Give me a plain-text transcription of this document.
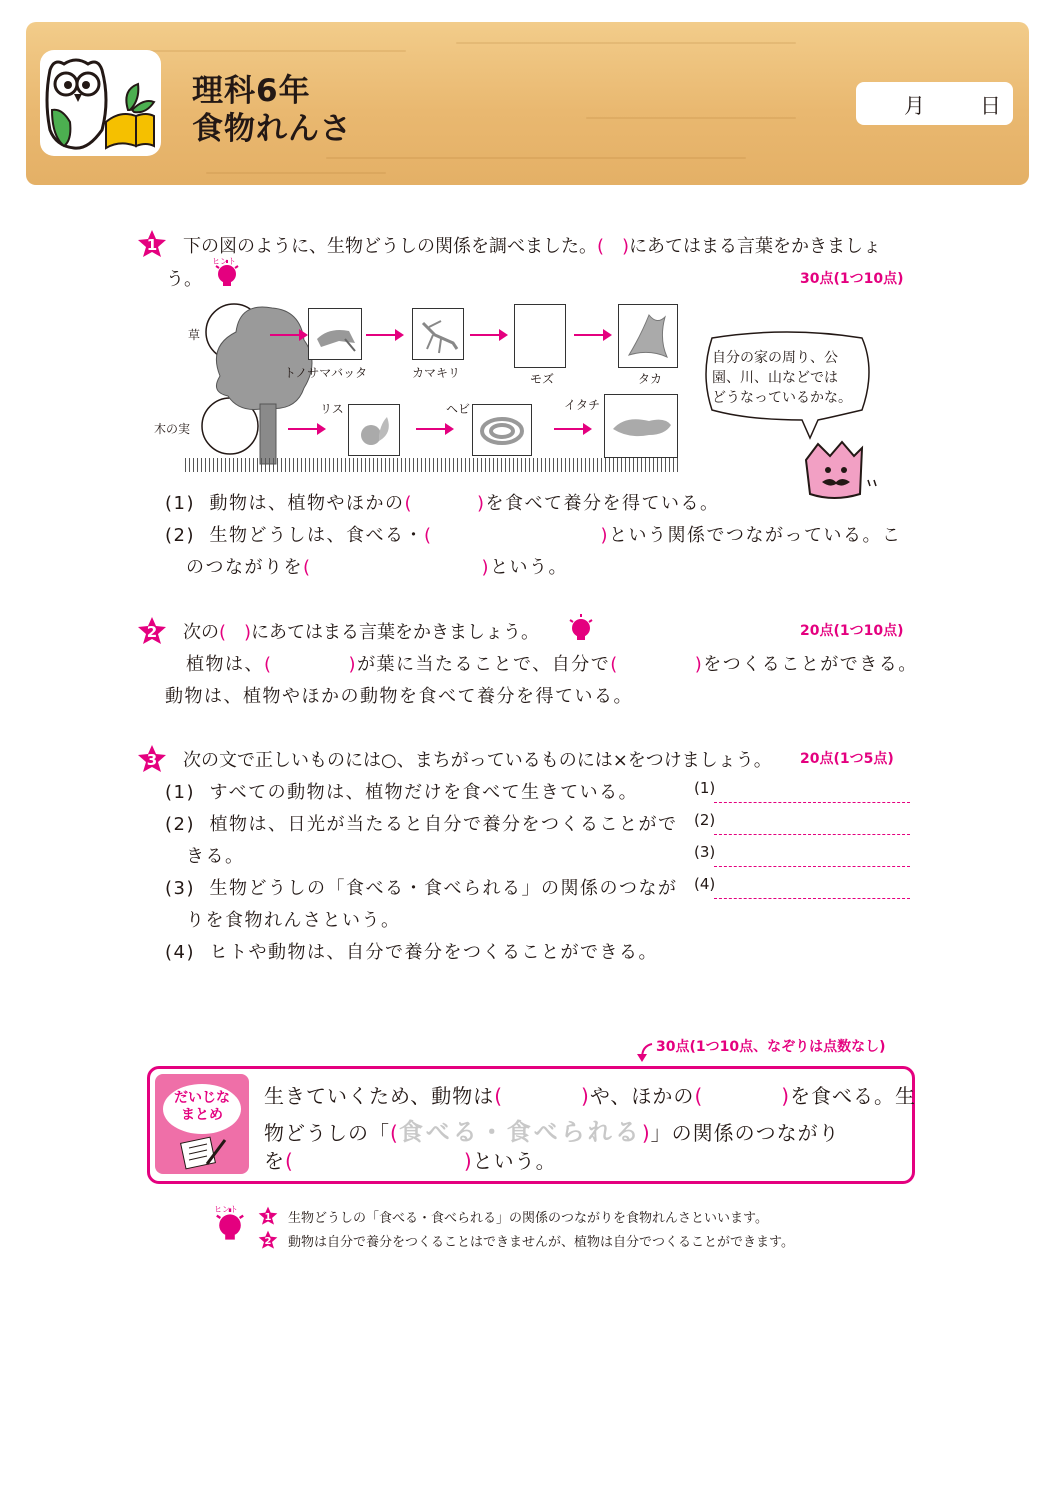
理科6年
食物れんさ
月	日
1 下の図のように、生物どうしの関係を調べました。(　)にあてはまる言葉をかきましょ
う。
ヒント
30点(1つ10点)
草
木の実
トノサマバッタ	カマキリ	モズ	タカ
リス	ヘビ	イタチ
自分の家の周り、公
園、川、山などでは
どうなっているかな。
(1) 動物は、植物やほかの(	)を食べて養分を得ている。
(2) 生物どうしは、食べる・(	)という関係でつながっている。こ
のつながりを(	)という。
2 次の(　)にあてはまる言葉をかきましょう。	20点(1つ10点)
植物は、(	)が葉に当たることで、自分で(	)をつくることができる。
動物は、植物やほかの動物を食べて養分を得ている。
3 次の文で正しいものには○、まちがっているものには×をつけましょう。 20点(1つ5点)
(1) すべての動物は、植物だけを食べて生きている。
(2) 植物は、日光が当たると自分で養分をつくることがで
きる。
(3) 生物どうしの「食べる・食べられる」の関係のつなが
りを食物れんさという。
(4) ヒトや動物は、自分で養分をつくることができる。
(1)
(2)
(3)
(4)
30点(1つ10点、なぞりは点数なし)
だいじな
まとめ
生きていくため、動物は(	)や、ほかの(	)を食べる。生
物どうしの「(食べる・食べられる)」の関係のつながり
を(	)という。
ヒント
1 生物どうしの「食べる・食べられる」の関係のつながりを食物れんさといいます。
2 動物は自分で養分をつくることはできませんが、植物は自分でつくることができます。
